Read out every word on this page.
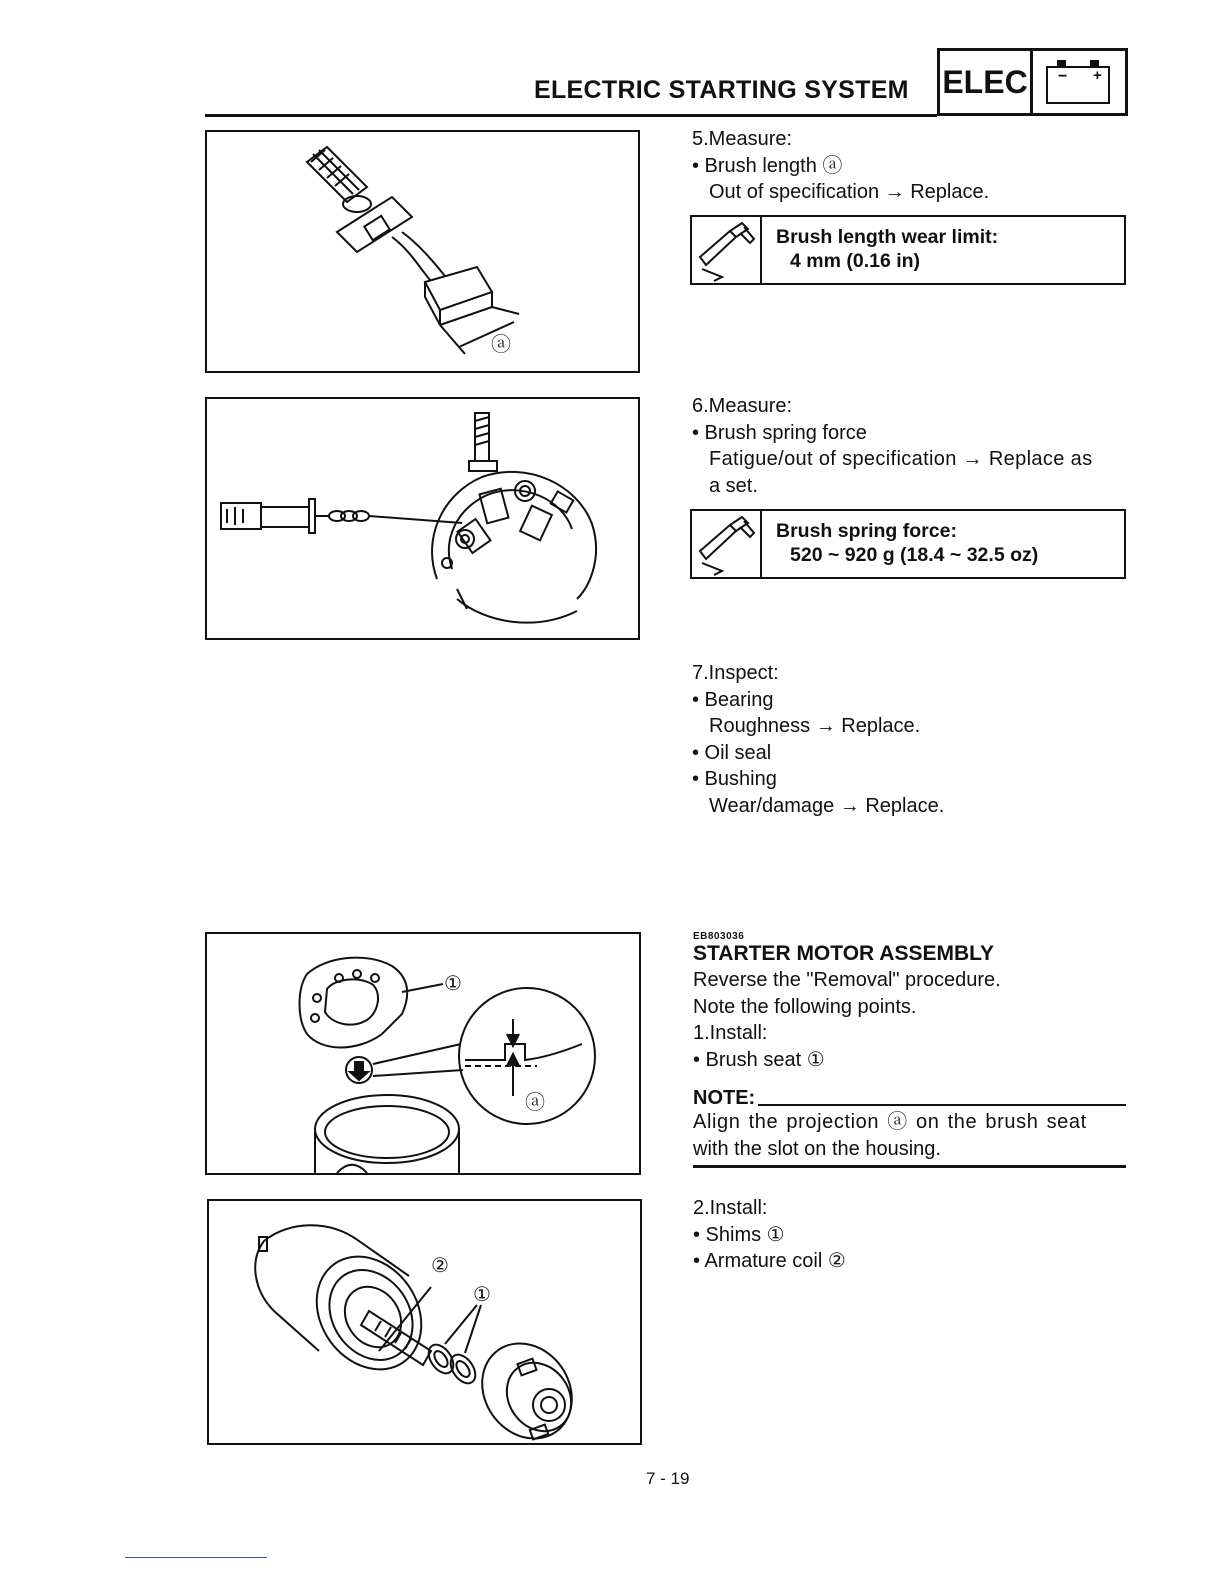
ELECTRIC STARTING SYSTEM ELEC	− +
ⓐ
5.Measure:
• Brush length ⓐ
Out of specification → Replace.
Brush length wear limit:
4 mm (0.16 in)
6.Measure:
• Brush spring force
Fatigue/out of specification → Replace as
a set.
Brush spring force:
520 ~ 920 g (18.4 ~ 32.5 oz)
7.Inspect:
• Bearing
Roughness → Replace.
• Oil seal
• Bushing
Wear/damage → Replace.
①
ⓐ
EB803036
STARTER MOTOR ASSEMBLY
Reverse the "Removal" procedure.
Note the following points.
1.Install:
• Brush seat ①
NOTE:
Align the projection ⓐ on the brush seat
with the slot on the housing.
②
①
2.Install:
• Shims ①
• Armature coil ②
7 - 19
